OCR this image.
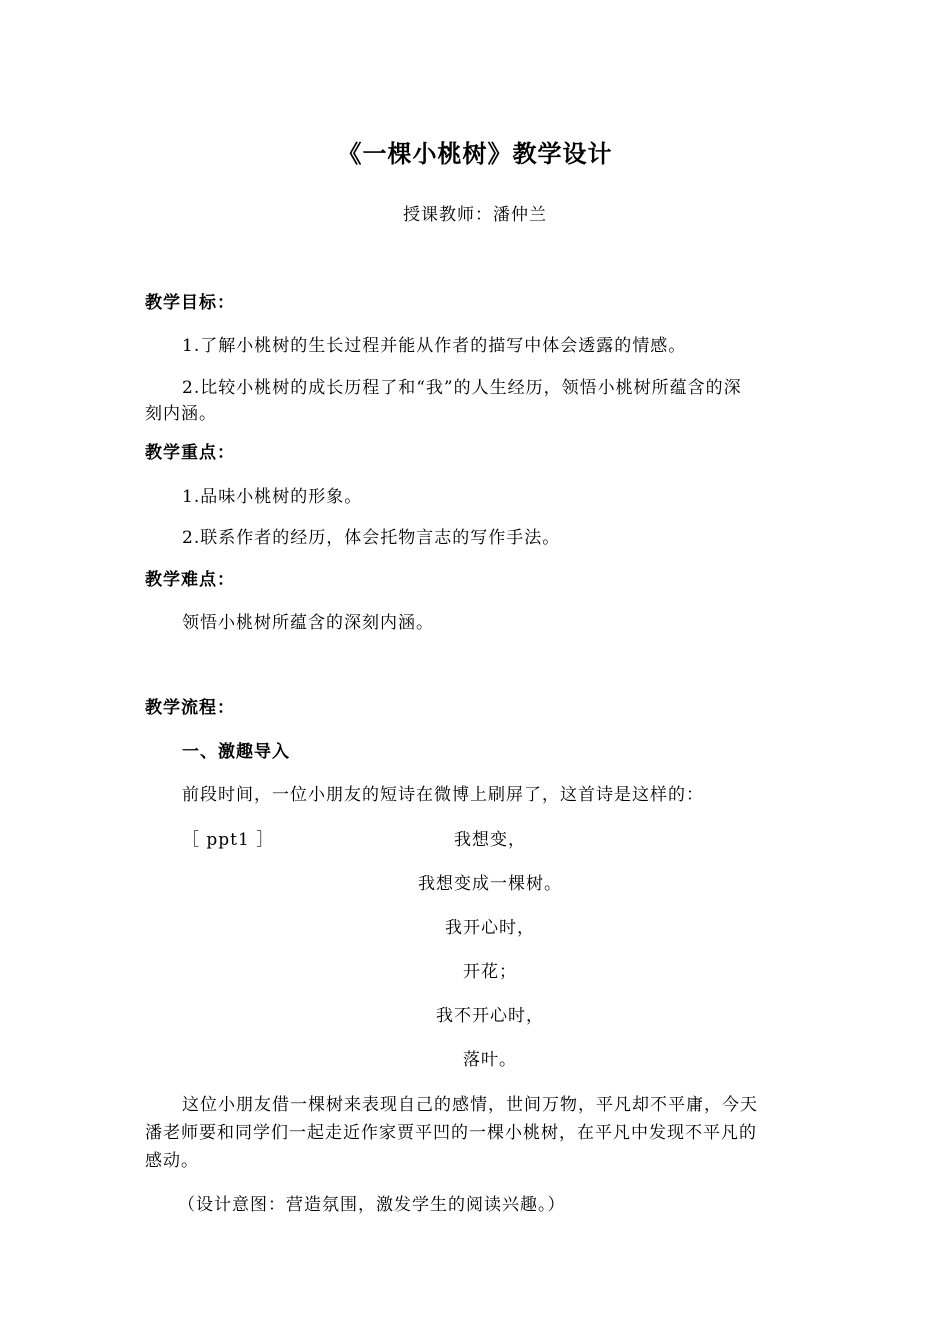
《一棵小桃树》教学设计
授课教师：潘仲兰
教学目标：
1.了解小桃树的生长过程并能从作者的描写中体会透露的情感。
2.比较小桃树的成长历程了和“我”的人生经历，领悟小桃树所蕴含的深
刻内涵。
教学重点：
1.品味小桃树的形象。
2.联系作者的经历，体会托物言志的写作手法。
教学难点：
领悟小桃树所蕴含的深刻内涵。
教学流程：
一、激趣导入
前段时间，一位小朋友的短诗在微博上刷屏了，这首诗是这样的：
［ ppt1 ］	我想变，
我想变成一棵树。
我开心时，
开花；
我不开心时，
落叶。
这位小朋友借一棵树来表现自己的感情，世间万物，平凡却不平庸，今天
潘老师要和同学们一起走近作家贾平凹的一棵小桃树，在平凡中发现不平凡的
感动。
（设计意图：营造氛围，激发学生的阅读兴趣。）
